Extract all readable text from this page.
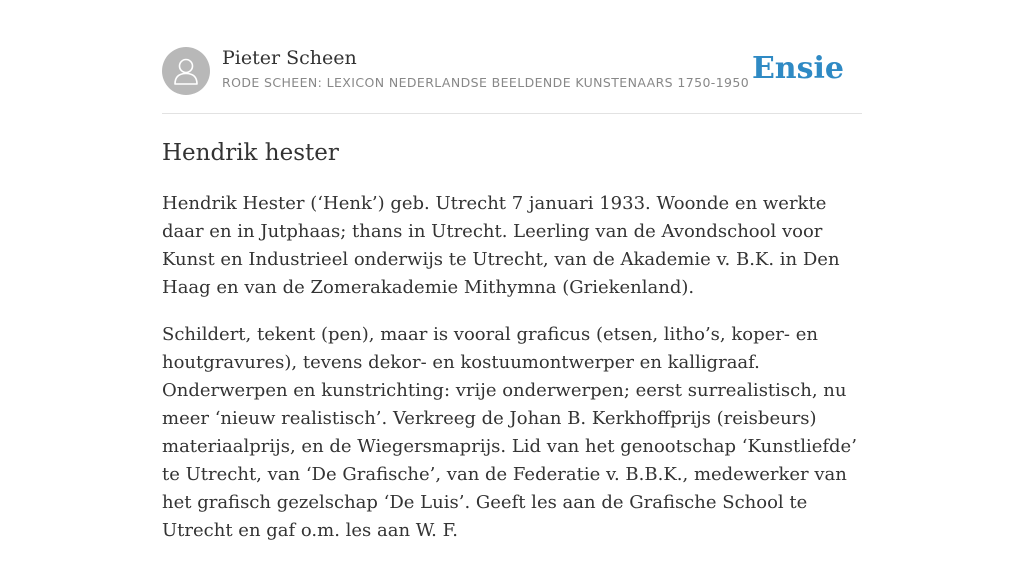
Pieter Scheen
RODE SCHEEN: LEXICON NEDERLANDSE BEELDENDE KUNSTENAARS 1750-1950 Ensie
Hendrik hester

Hendrik Hester (‘Henk’) geb. Utrecht 7 januari 1933. Woonde en werkte daar en in Jutphaas; thans in Utrecht. Leerling van de Avondschool voor Kunst en Industrieel onderwijs te Utrecht, van de Akademie v. B.K. in Den Haag en van de Zomerakademie Mithymna (Griekenland).

Schildert, tekent (pen), maar is vooral graficus (etsen, litho’s, koper- en houtgravures), tevens dekor- en kostuumontwerper en kalligraaf. Onderwerpen en kunstrichting: vrije onderwerpen; eerst surrealistisch, nu meer ‘nieuw realistisch’. Verkreeg de Johan B. Kerkhoffprijs (reisbeurs) materiaalprijs, en de Wiegersmaprijs. Lid van het genootschap ‘Kunstliefde’ te Utrecht, van ‘De Grafische’, van de Federatie v. B.B.K., medewerker van het grafisch gezelschap ‘De Luis’. Geeft les aan de Grafische School te Utrecht en gaf o.m. les aan W. F.
